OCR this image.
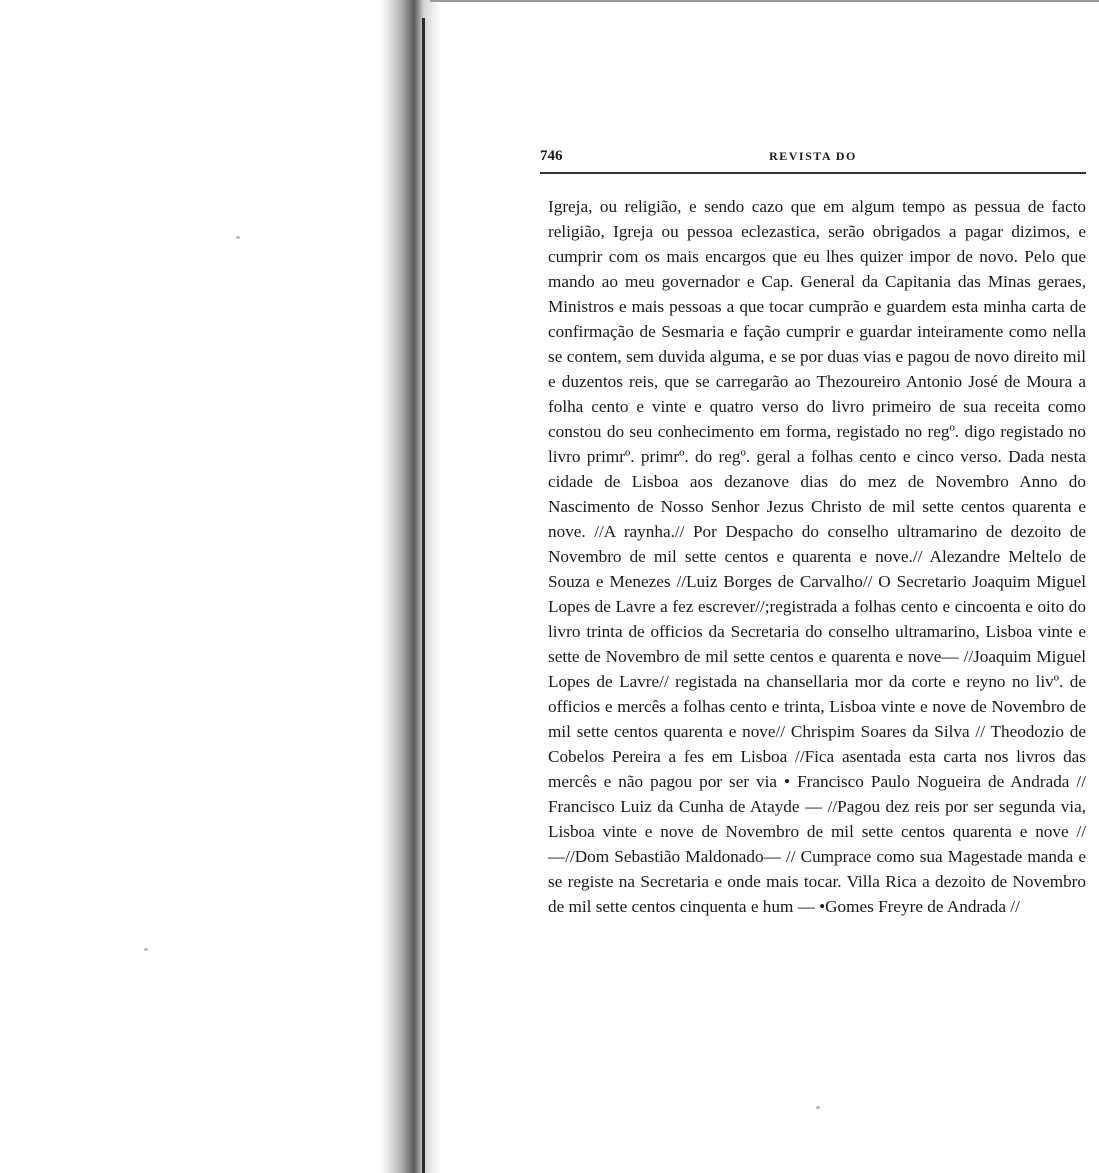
746	REVISTA DO

Igreja, ou religião, e sendo cazo que em algum tempo as pessua de facto religião, Igreja ou pessoa eclezastica, serão obrigados a pagar dizimos, e cumprir com os mais encargos que eu lhes quizer impor de novo. Pelo que mando ao meu governador e Cap. General da Capitania das Minas geraes, Ministros e mais pessoas a que tocar cumprão e guardem esta minha carta de confirmação de Sesmaria e fação cumprir e guardar inteiramente como nella se contem, sem duvida alguma, e se por duas vias e pagou de novo direito mil e duzentos reis, que se carregarão ao Thezoureiro Antonio José de Moura a folha cento e vinte e quatro verso do livro primeiro de sua receita como constou do seu conhecimento em forma, registado no regº. digo registado no livro primrº. primrº. do regº. geral a folhas cento e cinco verso. Dada nesta cidade de Lisboa aos dezanove dias do mez de Novembro Anno do Nascimento de Nosso Senhor Jezus Christo de mil sette centos quarenta e nove. //A raynha.// Por Despacho do conselho ultramarino de dezoito de Novembro de mil sette centos e quarenta e nove.// Alezandre Meltelo de Souza e Menezes //Luiz Borges de Carvalho// O Secretario Joaquim Miguel Lopes de Lavre a fez escrever//;registrada a folhas cento e cincoenta e oito do livro trinta de officios da Secretaria do conselho ultramarino, Lisboa vinte e sette de Novembro de mil sette centos e quarenta e nove— //Joaquim Miguel Lopes de Lavre// registada na chansellaria mor da corte e reyno no livº. de officios e mercês a folhas cento e trinta, Lisboa vinte e nove de Novembro de mil sette centos quarenta e nove// Chrispim Soares da Silva // Theodozio de Cobelos Pereira a fes em Lisboa //Fica asentada esta carta nos livros das mercês e não pagou por ser via • Francisco Paulo Nogueira de Andrada // Francisco Luiz da Cunha de Atayde — //Pagou dez reis por ser segunda via, Lisboa vinte e nove de Novembro de mil sette centos quarenta e nove // —//Dom Sebastião Maldonado— // Cumprace como sua Magestade manda e se registe na Secretaria e onde mais tocar. Villa Rica a dezoito de Novembro de mil sette centos cinquenta e hum — •Gomes Freyre de Andrada //
